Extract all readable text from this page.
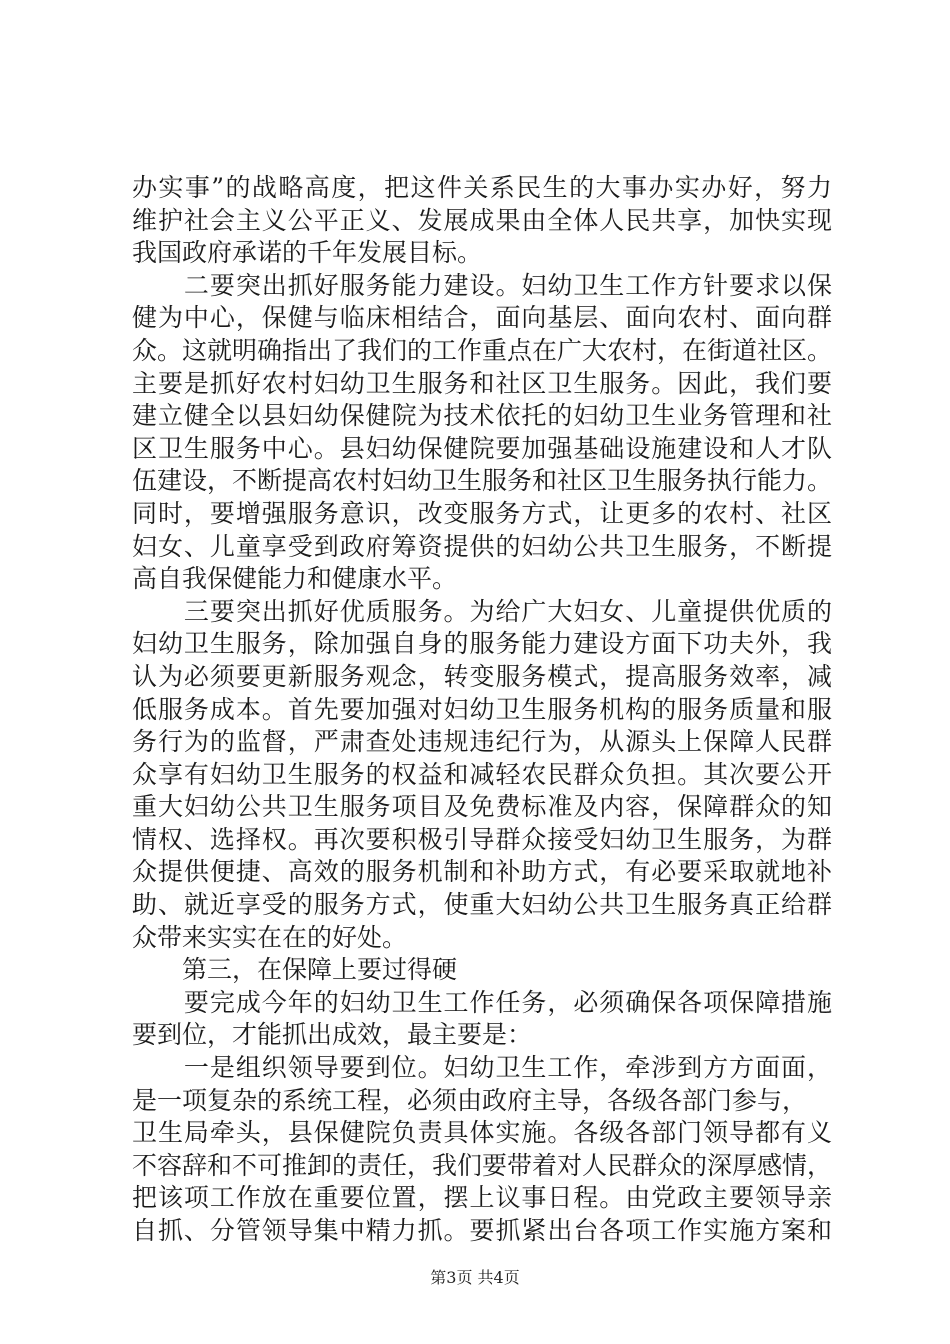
办实事”的战略高度，把这件关系民生的大事办实办好，努力
维护社会主义公平正义、发展成果由全体人民共享，加快实现
我国政府承诺的千年发展目标。
　　二要突出抓好服务能力建设。妇幼卫生工作方针要求以保
健为中心，保健与临床相结合，面向基层、面向农村、面向群
众。这就明确指出了我们的工作重点在广大农村，在街道社区。
主要是抓好农村妇幼卫生服务和社区卫生服务。因此，我们要
建立健全以县妇幼保健院为技术依托的妇幼卫生业务管理和社
区卫生服务中心。县妇幼保健院要加强基础设施建设和人才队
伍建设，不断提高农村妇幼卫生服务和社区卫生服务执行能力。
同时，要增强服务意识，改变服务方式，让更多的农村、社区
妇女、儿童享受到政府筹资提供的妇幼公共卫生服务，不断提
高自我保健能力和健康水平。
　　三要突出抓好优质服务。为给广大妇女、儿童提供优质的
妇幼卫生服务，除加强自身的服务能力建设方面下功夫外，我
认为必须要更新服务观念，转变服务模式，提高服务效率，减
低服务成本。首先要加强对妇幼卫生服务机构的服务质量和服
务行为的监督，严肃查处违规违纪行为，从源头上保障人民群
众享有妇幼卫生服务的权益和减轻农民群众负担。其次要公开
重大妇幼公共卫生服务项目及免费标准及内容，保障群众的知
情权、选择权。再次要积极引导群众接受妇幼卫生服务，为群
众提供便捷、高效的服务机制和补助方式，有必要采取就地补
助、就近享受的服务方式，使重大妇幼公共卫生服务真正给群
众带来实实在在的好处。
　　第三，在保障上要过得硬
　　要完成今年的妇幼卫生工作任务，必须确保各项保障措施
要到位，才能抓出成效，最主要是：
　　一是组织领导要到位。妇幼卫生工作，牵涉到方方面面，
是一项复杂的系统工程，必须由政府主导，各级各部门参与，
卫生局牵头，县保健院负责具体实施。各级各部门领导都有义
不容辞和不可推卸的责任，我们要带着对人民群众的深厚感情，
把该项工作放在重要位置，摆上议事日程。由党政主要领导亲
自抓、分管领导集中精力抓。要抓紧出台各项工作实施方案和
第3页 共4页
